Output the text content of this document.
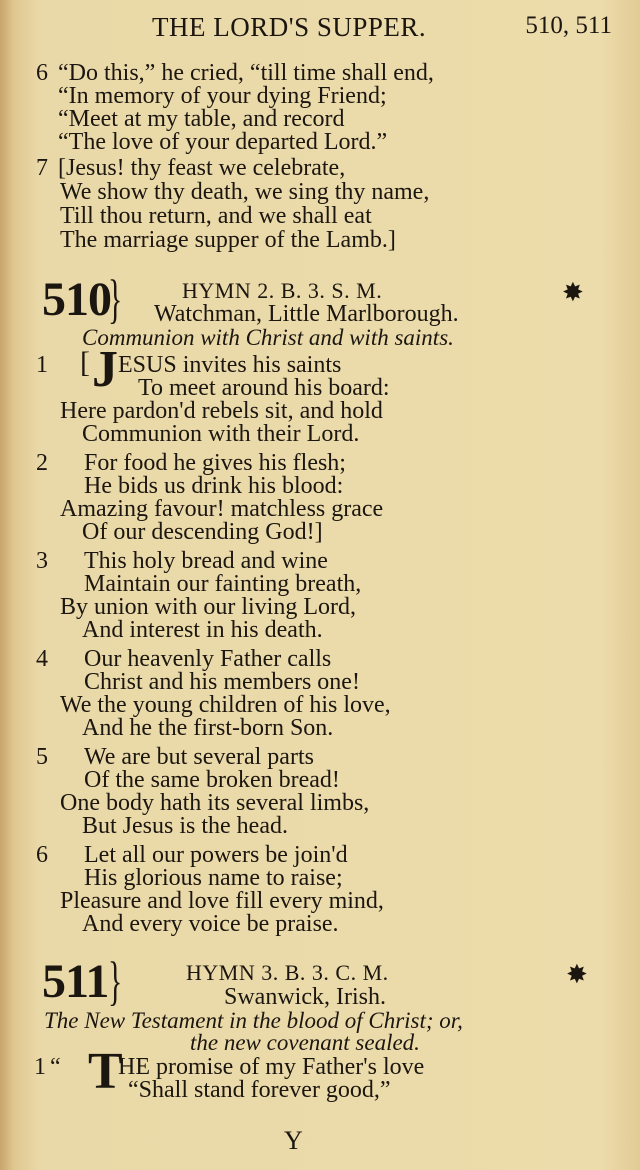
THE LORD'S SUPPER.	510, 511
6 “Do this,” he cried, “till time shall end,
“In memory of your dying Friend;
“Meet at my table, and record
“The love of your departed Lord.”
7 [Jesus! thy feast we celebrate,
We show thy death, we sing thy name,
Till thou return, and we shall eat
The marriage supper of the Lamb.]
510
}	HYMN 2. B. 3. S. M.	✸
Watchman, Little Marlborough.
Communion with Christ and with saints.
1 [ J ESUS invites his saints
To meet around his board:
Here pardon'd rebels sit, and hold
Communion with their Lord.
2 For food he gives his flesh;
He bids us drink his blood:
Amazing favour! matchless grace
Of our descending God!]
3 This holy bread and wine
Maintain our fainting breath,
By union with our living Lord,
And interest in his death.
4 Our heavenly Father calls
Christ and his members one!
We the young children of his love,
And he the first-born Son.
5 We are but several parts
Of the same broken bread!
One body hath its several limbs,
But Jesus is the head.
6 Let all our powers be join'd
His glorious name to raise;
Pleasure and love fill every mind,
And every voice be praise.
511 }	HYMN 3. B. 3. C. M.	✸
Swanwick, Irish.
The New Testament in the blood of Christ; or,
the new covenant sealed.
1 “ T
HE promise of my Father's love
“Shall stand forever good,”
Y
